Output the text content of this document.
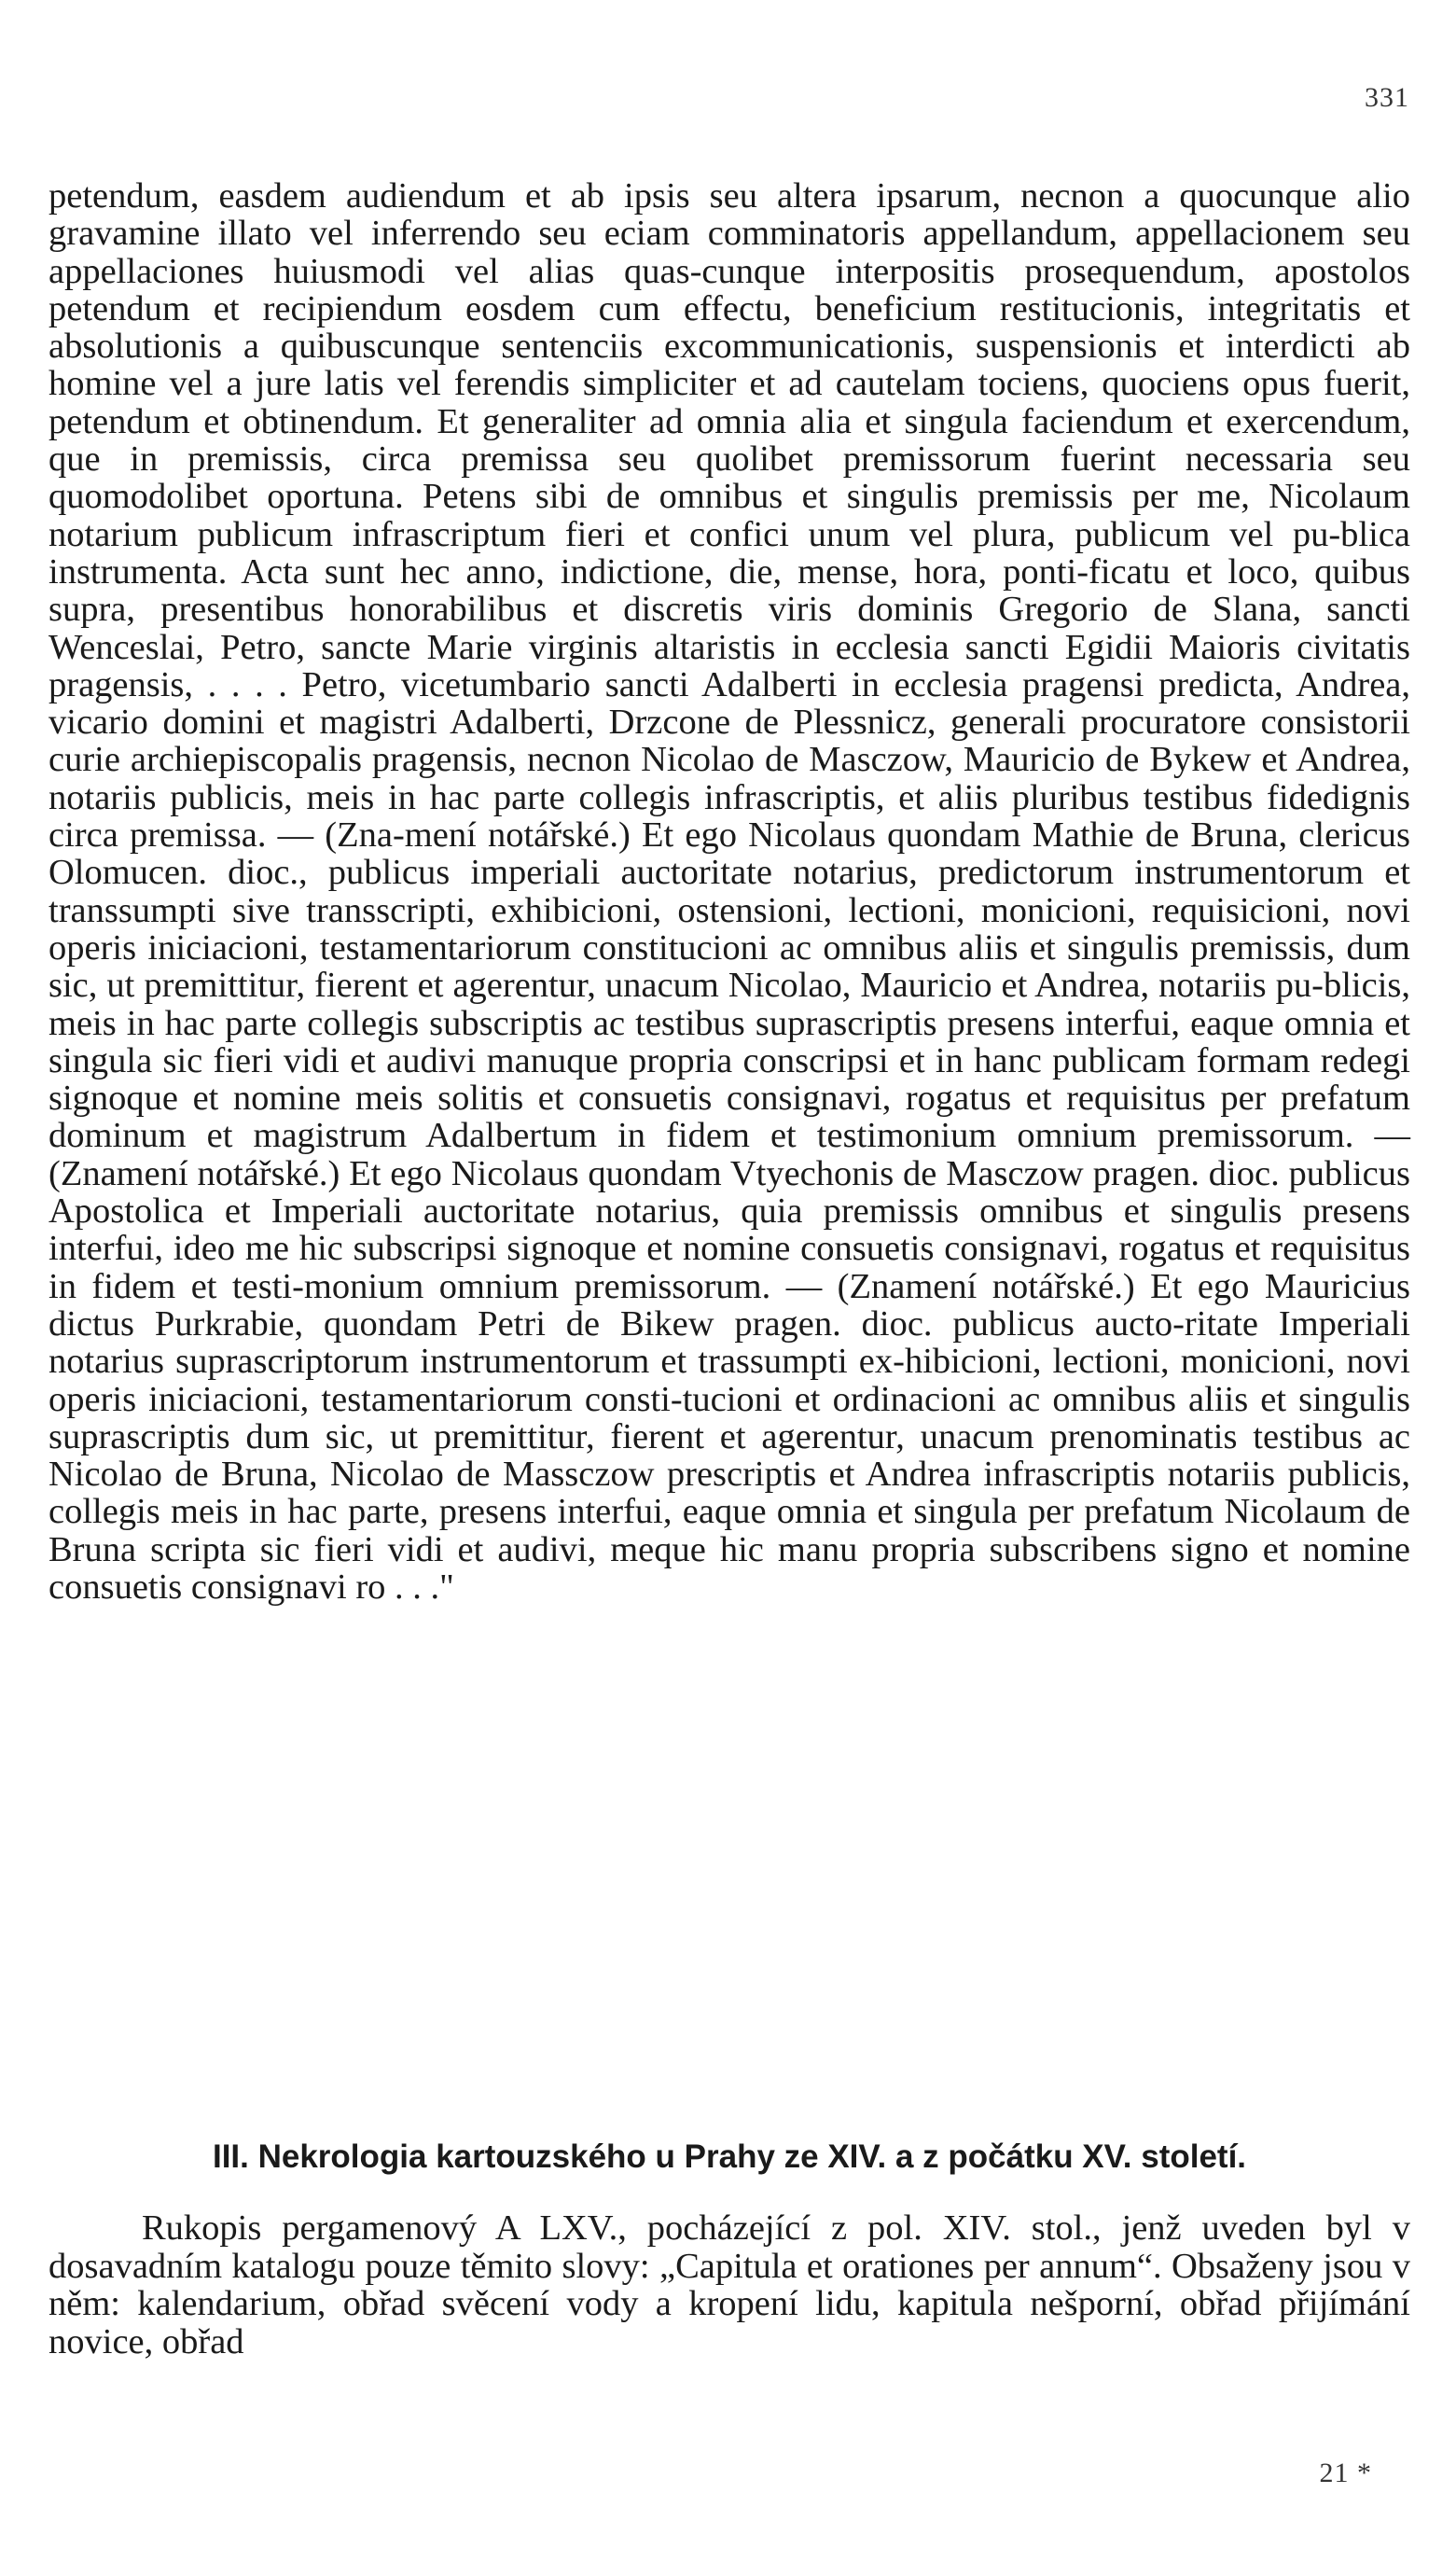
331
petendum, easdem audiendum et ab ipsis seu altera ipsarum, necnon a quocunque alio gravamine illato vel inferrendo seu eciam comminatoris appellandum, appellacionem seu appellaciones huiusmodi vel alias quas-cunque interpositis prosequendum, apostolos petendum et recipiendum eosdem cum effectu, beneficium restitucionis, integritatis et absolutionis a quibuscunque sentenciis excommunicationis, suspensionis et interdicti ab homine vel a jure latis vel ferendis simpliciter et ad cautelam tociens, quociens opus fuerit, petendum et obtinendum. Et generaliter ad omnia alia et singula faciendum et exercendum, que in premissis, circa premissa seu quolibet premissorum fuerint necessaria seu quomodolibet oportuna. Petens sibi de omnibus et singulis premissis per me, Nicolaum notarium publicum infrascriptum fieri et confici unum vel plura, publicum vel pu-blica instrumenta. Acta sunt hec anno, indictione, die, mense, hora, ponti-ficatu et loco, quibus supra, presentibus honorabilibus et discretis viris dominis Gregorio de Slana, sancti Wenceslai, Petro, sancte Marie virginis altaristis in ecclesia sancti Egidii Maioris civitatis pragensis, . . . . Petro, vicetumbario sancti Adalberti in ecclesia pragensi predicta, Andrea, vicario domini et magistri Adalberti, Drzcone de Plessnicz, generali procuratore consistorii curie archiepiscopalis pragensis, necnon Nicolao de Masczow, Mauricio de Bykew et Andrea, notariis publicis, meis in hac parte collegis infrascriptis, et aliis pluribus testibus fidedignis circa premissa. — (Zna-mení notářské.) Et ego Nicolaus quondam Mathie de Bruna, clericus Olomucen. dioc., publicus imperiali auctoritate notarius, predictorum instrumentorum et transsumpti sive transscripti, exhibicioni, ostensioni, lectioni, monicioni, requisicioni, novi operis iniciacioni, testamentariorum constitucioni ac omnibus aliis et singulis premissis, dum sic, ut premittitur, fierent et agerentur, unacum Nicolao, Mauricio et Andrea, notariis pu-blicis, meis in hac parte collegis subscriptis ac testibus suprascriptis presens interfui, eaque omnia et singula sic fieri vidi et audivi manuque propria conscripsi et in hanc publicam formam redegi signoque et nomine meis solitis et consuetis consignavi, rogatus et requisitus per prefatum dominum et magistrum Adalbertum in fidem et testimonium omnium premissorum. — (Znamení notářské.) Et ego Nicolaus quondam Vtyechonis de Masczow pragen. dioc. publicus Apostolica et Imperiali auctoritate notarius, quia premissis omnibus et singulis presens interfui, ideo me hic subscripsi signoque et nomine consuetis consignavi, rogatus et requisitus in fidem et testi-monium omnium premissorum. — (Znamení notářské.) Et ego Mauricius dictus Purkrabie, quondam Petri de Bikew pragen. dioc. publicus aucto-ritate Imperiali notarius suprascriptorum instrumentorum et trassumpti ex-hibicioni, lectioni, monicioni, novi operis iniciacioni, testamentariorum consti-tucioni et ordinacioni ac omnibus aliis et singulis suprascriptis dum sic, ut premittitur, fierent et agerentur, unacum prenominatis testibus ac Nicolao de Bruna, Nicolao de Massczow prescriptis et Andrea infrascriptis notariis publicis, collegis meis in hac parte, presens interfui, eaque omnia et singula per prefatum Nicolaum de Bruna scripta sic fieri vidi et audivi, meque hic manu propria subscribens signo et nomine consuetis consignavi ro . . ."
III. Nekrologia kartouzského u Prahy ze XIV. a z počátku XV. století.
Rukopis pergamenový A LXV., pocházející z pol. XIV. stol., jenž uveden byl v dosavadním katalogu pouze těmito slovy: „Capitula et orationes per annum“. Obsaženy jsou v něm: kalendarium, obřad svěcení vody a kropení lidu, kapitula nešporní, obřad přijímání novice, obřad
21 *
